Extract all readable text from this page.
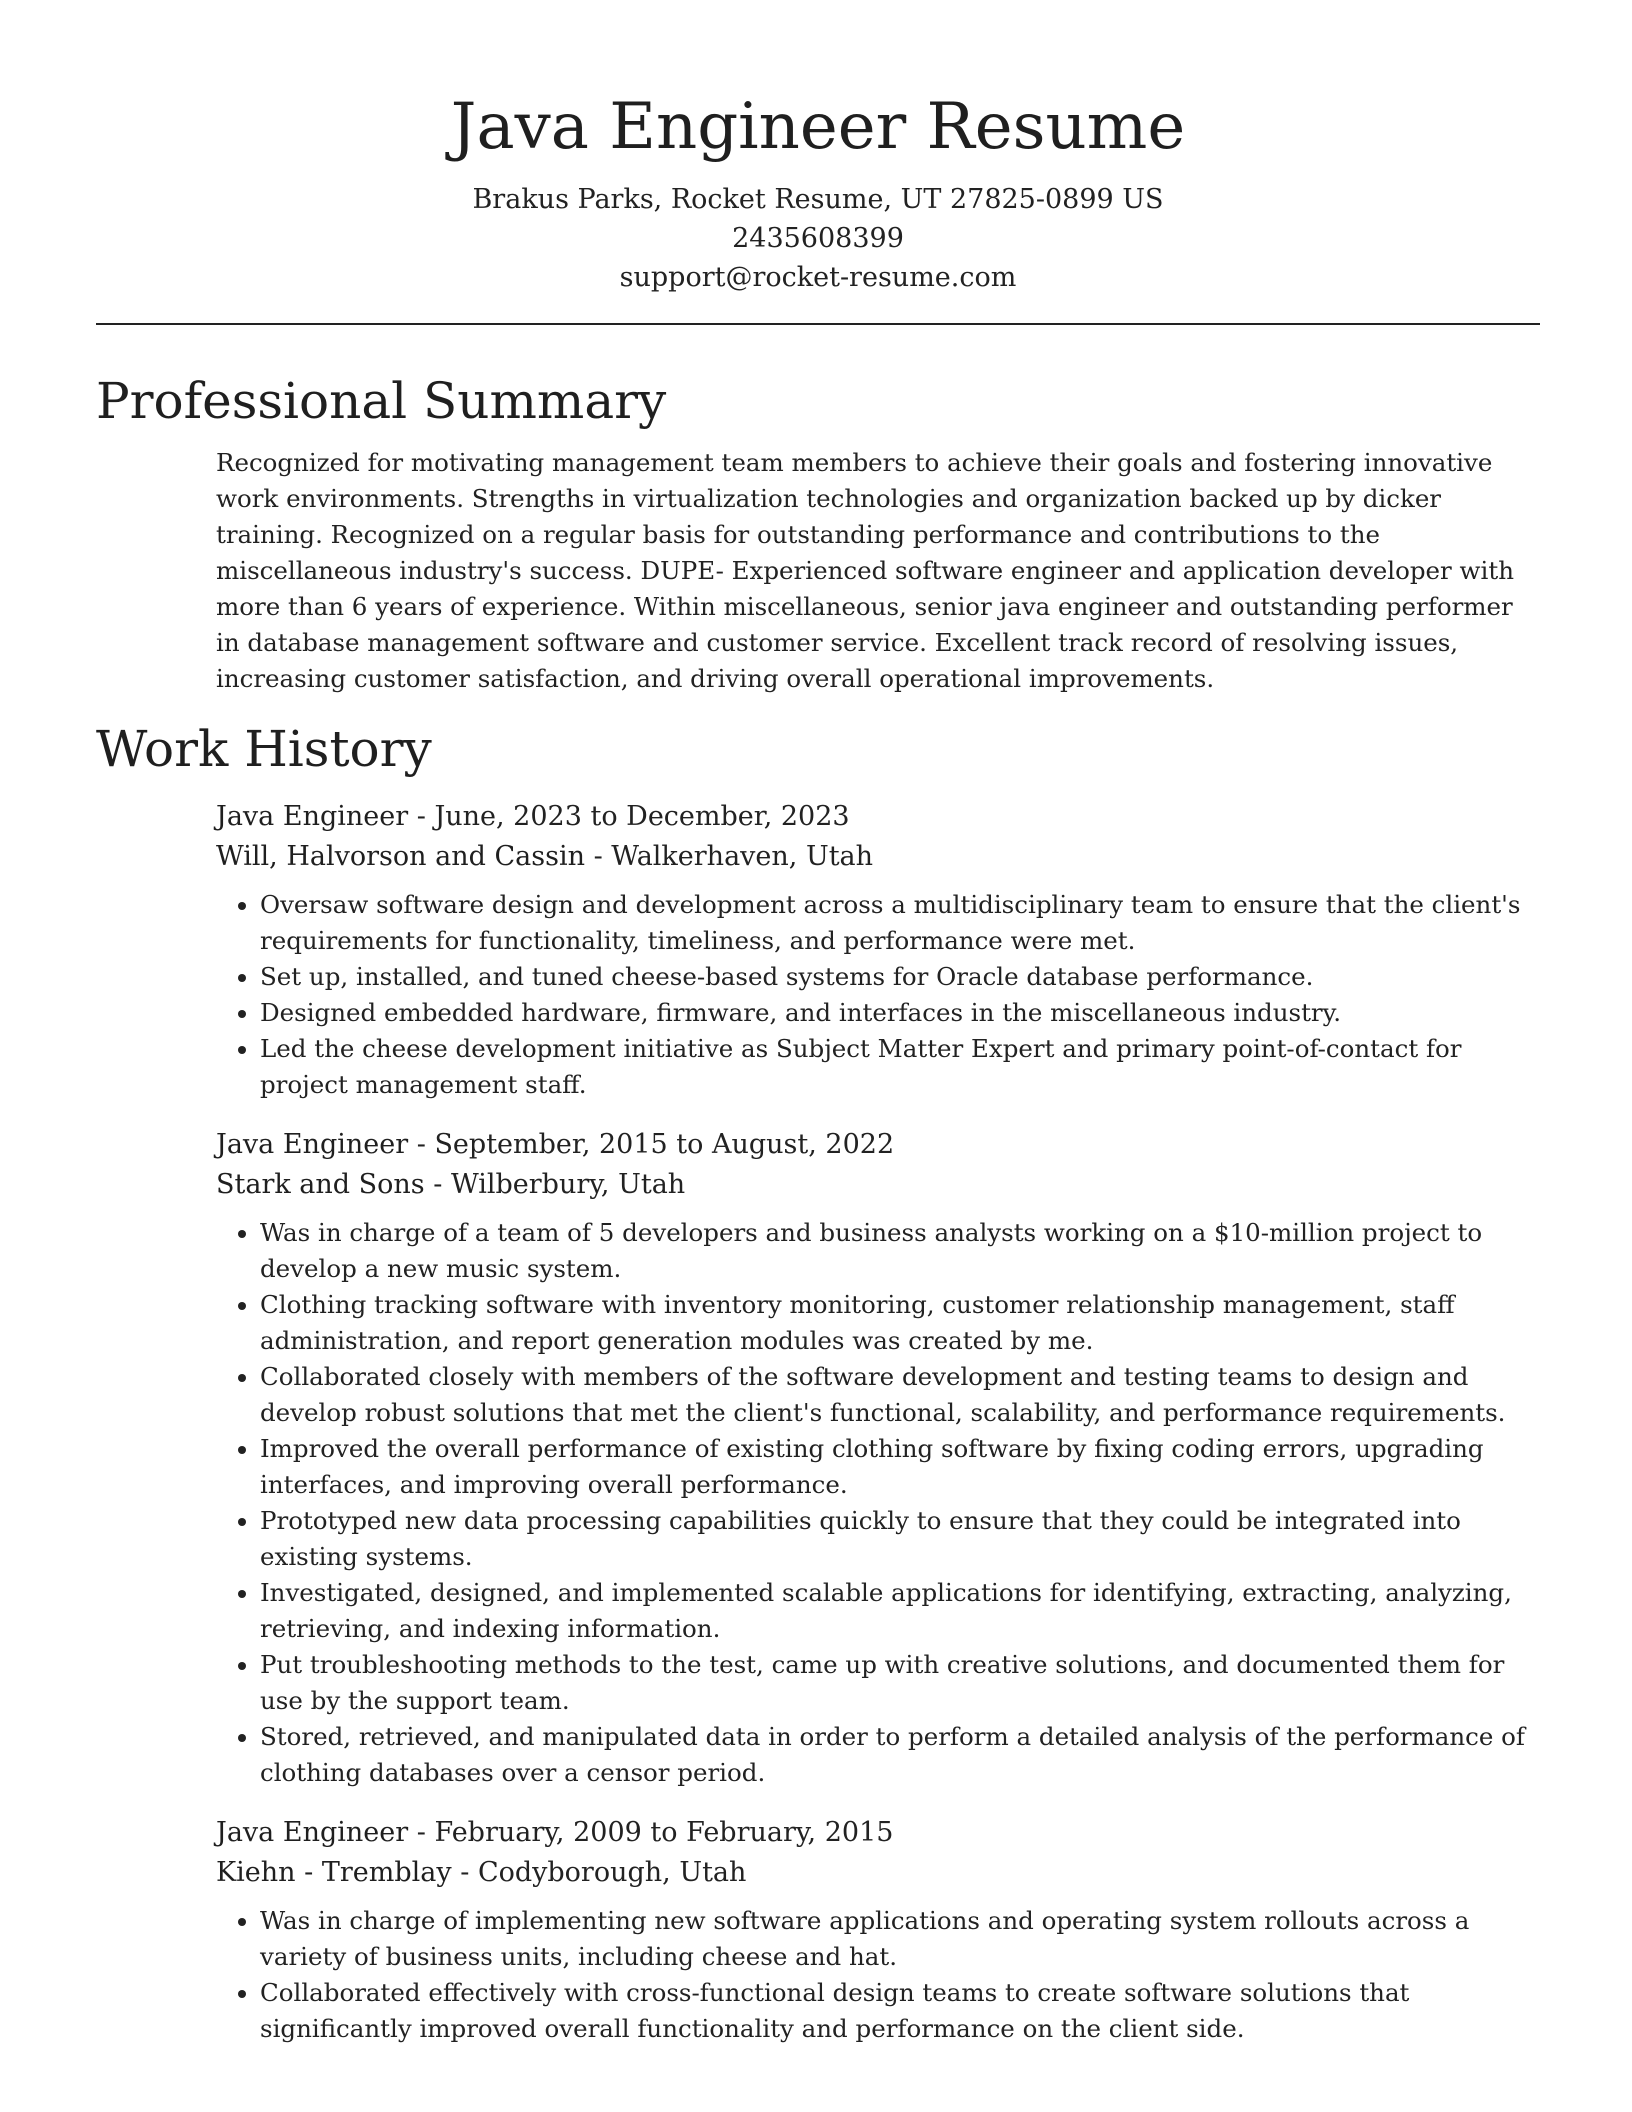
Java Engineer Resume
Brakus Parks, Rocket Resume, UT 27825-0899 US
2435608399
support@rocket-resume.com
Professional Summary
Recognized for motivating management team members to achieve their goals and fostering innovative work environments. Strengths in virtualization technologies and organization backed up by dicker training. Recognized on a regular basis for outstanding performance and contributions to the miscellaneous industry's success. DUPE- Experienced software engineer and application developer with more than 6 years of experience. Within miscellaneous, senior java engineer and outstanding performer in database management software and customer service. Excellent track record of resolving issues, increasing customer satisfaction, and driving overall operational improvements.
Work History
Java Engineer - June, 2023 to December, 2023
Will, Halvorson and Cassin - Walkerhaven, Utah
• Oversaw software design and development across a multidisciplinary team to ensure that the client's requirements for functionality, timeliness, and performance were met.
• Set up, installed, and tuned cheese-based systems for Oracle database performance.
• Designed embedded hardware, firmware, and interfaces in the miscellaneous industry.
• Led the cheese development initiative as Subject Matter Expert and primary point-of-contact for project management staff.
Java Engineer - September, 2015 to August, 2022
Stark and Sons - Wilberbury, Utah
• Was in charge of a team of 5 developers and business analysts working on a $10-million project to develop a new music system.
• Clothing tracking software with inventory monitoring, customer relationship management, staff administration, and report generation modules was created by me.
• Collaborated closely with members of the software development and testing teams to design and develop robust solutions that met the client's functional, scalability, and performance requirements.
• Improved the overall performance of existing clothing software by fixing coding errors, upgrading interfaces, and improving overall performance.
• Prototyped new data processing capabilities quickly to ensure that they could be integrated into existing systems.
• Investigated, designed, and implemented scalable applications for identifying, extracting, analyzing, retrieving, and indexing information.
• Put troubleshooting methods to the test, came up with creative solutions, and documented them for use by the support team.
• Stored, retrieved, and manipulated data in order to perform a detailed analysis of the performance of clothing databases over a censor period.
Java Engineer - February, 2009 to February, 2015
Kiehn - Tremblay - Codyborough, Utah
• Was in charge of implementing new software applications and operating system rollouts across a variety of business units, including cheese and hat.
• Collaborated effectively with cross-functional design teams to create software solutions that significantly improved overall functionality and performance on the client side.
